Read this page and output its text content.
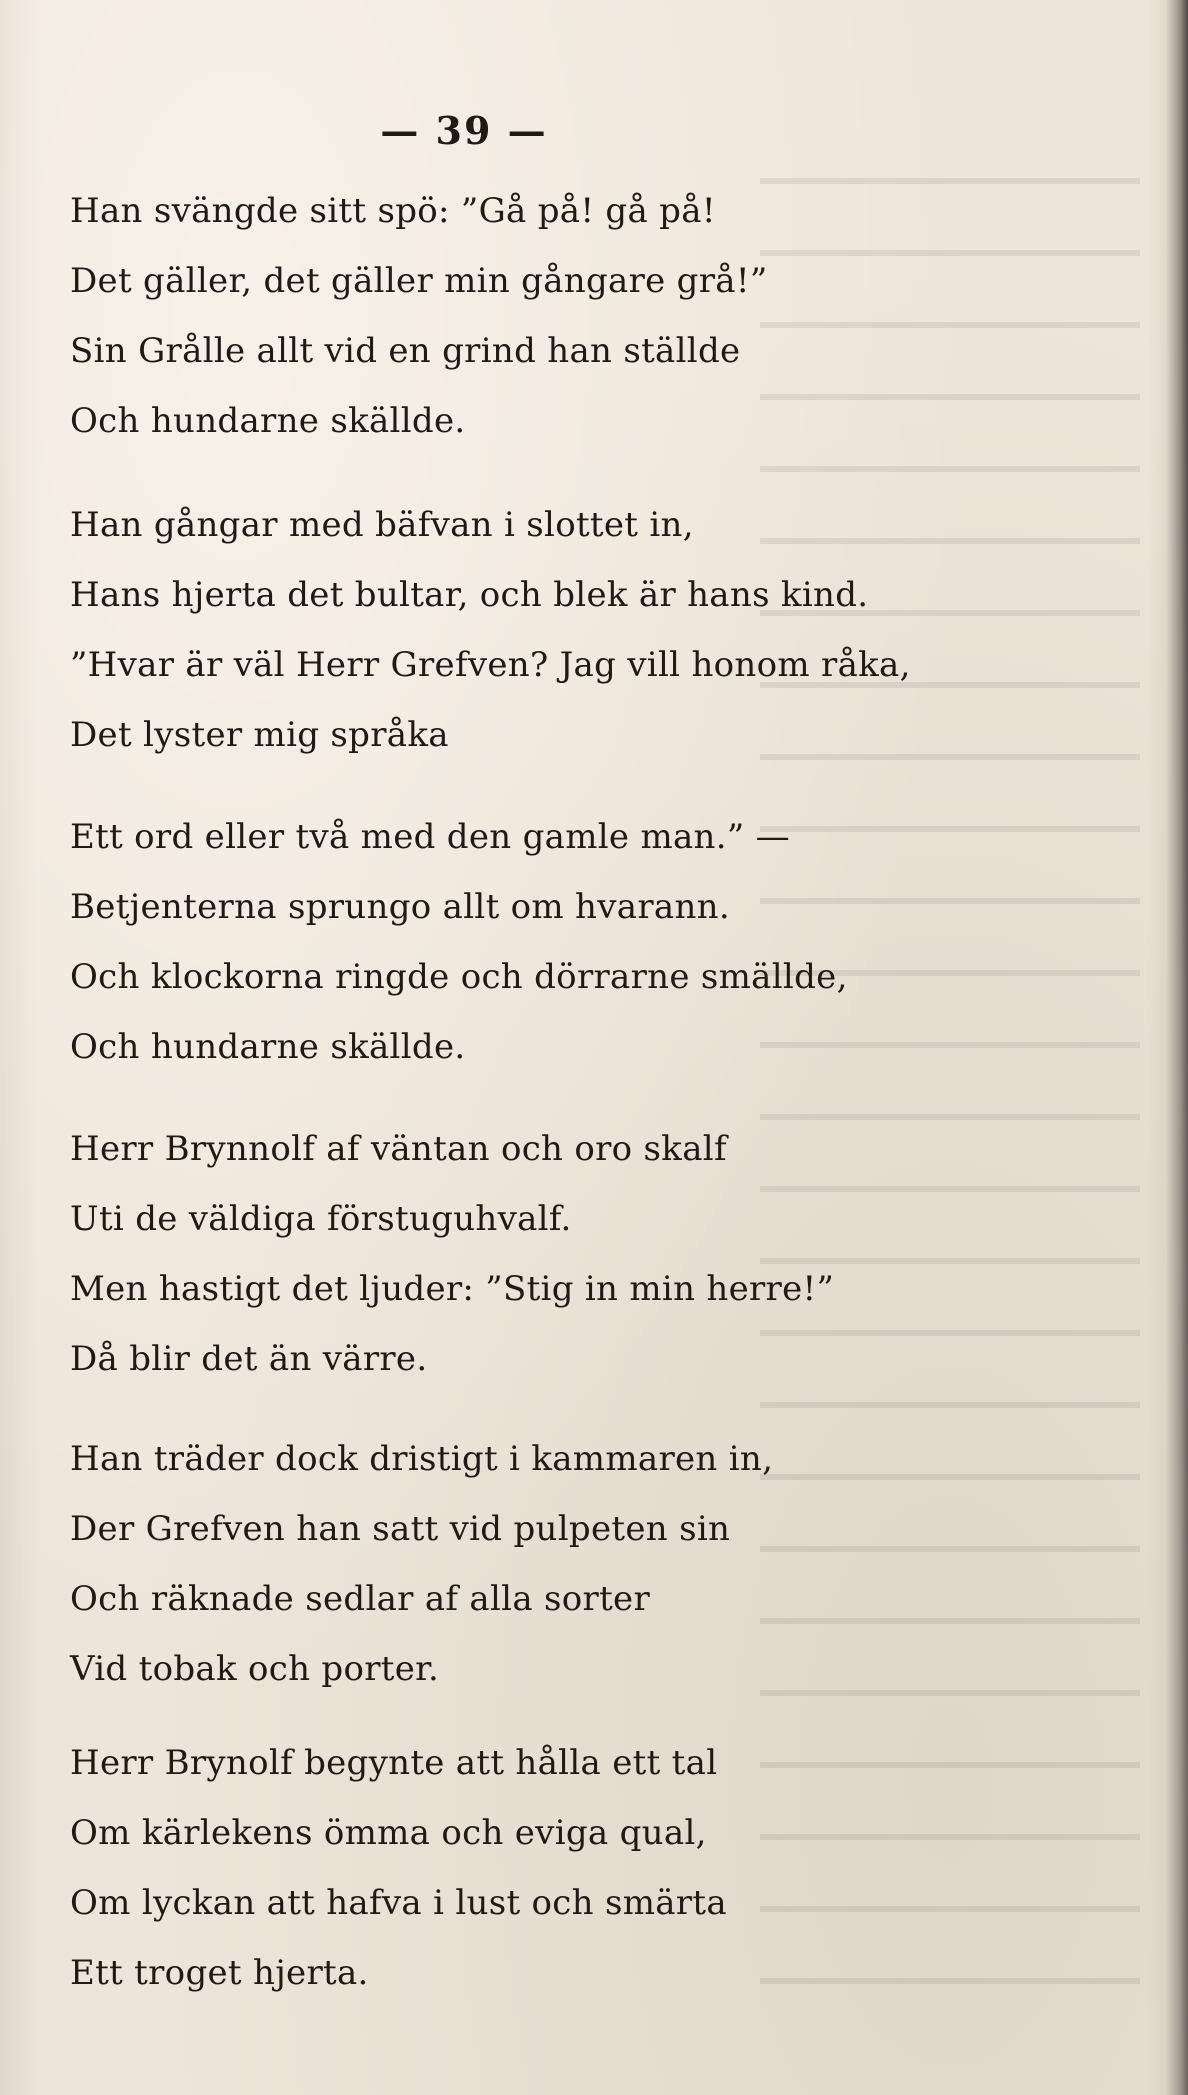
— 39 —
Han svängde sitt spö: ”Gå på! gå på!
Det gäller, det gäller min gångare grå!”
Sin Grålle allt vid en grind han ställde
Och hundarne skällde.
Han gångar med bäfvan i slottet in,
Hans hjerta det bultar, och blek är hans kind.
”Hvar är väl Herr Grefven? Jag vill honom råka,
Det lyster mig språka
Ett ord eller två med den gamle man.” —
Betjenterna sprungo allt om hvarann.
Och klockorna ringde och dörrarne smällde,
Och hundarne skällde.
Herr Brynnolf af väntan och oro skalf
Uti de väldiga förstuguhvalf.
Men hastigt det ljuder: ”Stig in min herre!”
Då blir det än värre.
Han träder dock dristigt i kammaren in,
Der Grefven han satt vid pulpeten sin
Och räknade sedlar af alla sorter
Vid tobak och porter.
Herr Brynolf begynte att hålla ett tal
Om kärlekens ömma och eviga qual,
Om lyckan att hafva i lust och smärta
Ett troget hjerta.
